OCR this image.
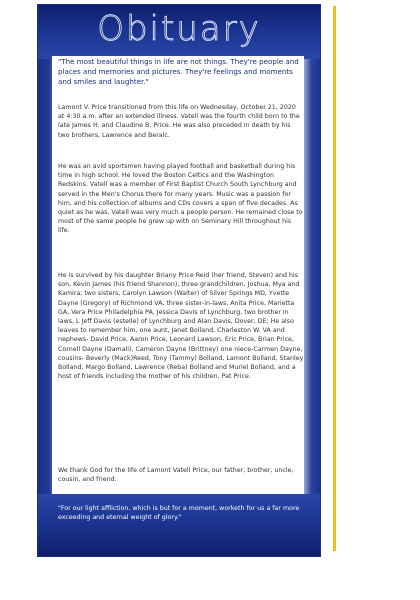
Obituary
"The most beautiful things in life are not things. They're people and places and memories and pictures. They're feelings and moments and smiles and laughter."
Lamont V. Price transitioned from this life on Wednesday, October 21, 2020 at 4:30 a.m. after an extended illness. Vatell was the fourth child born to the late James H. and Claudine B. Price. He was also preceded in death by his two brothers, Lawrence and Beralc.
He was an avid sportsmen having played football and basketball during his time in high school. He loved the Boston Celtics and the Washington Redskins. Vatell was a member of First Baptist Church South Lynchburg and served in the Men's Chorus there for many years. Music was a passion for him, and his collection of albums and CDs covers a span of five decades. As quiet as he was, Vatell was very much a people person. He remained close to most of the same people he grew up with on Seminary Hill throughout his life.
He is survived by his daughter Briany Price Reid (her friend, Steven) and his son, Kevin James (his friend Shannon), three grandchildren, Joshua, Mya and Kamira; two sisters, Carolyn Lawson (Walter) of Silver Springs MD, Yvette Dayne (Gregory) of Richmond VA, three sister-in-laws, Anita Price, Marietta GA, Vera Price Philadelphia PA, Jessica Davis of Lynchburg, two brother in laws, L Jeff Davis (estelle) of Lynchburg and Alan Davis, Dover, DE; He also leaves to remember him, one aunt, Janet Bolland, Charleston W. VA and nephews- David Price, Aaron Price, Leonard Lawson, Eric Price, Brian Price, Cornell Dayne (Damali), Cameron Dayne (Brittney) one niece-Carmen Dayne, cousins- Beverly (Mack)Reed, Tony (Tammy) Bolland, Lamont Bolland, Stanley Bolland, Margo Bolland, Lawrence (Reba) Bolland and Muriel Bolland, and a host of friends including the mother of his children, Pat Price.
We thank God for the life of Lamont Vatell Price, our father, brother, uncle, cousin, and friend.
"For our light affliction, which is but for a moment, worketh for us a far more exceeding and eternal weight of glory."
